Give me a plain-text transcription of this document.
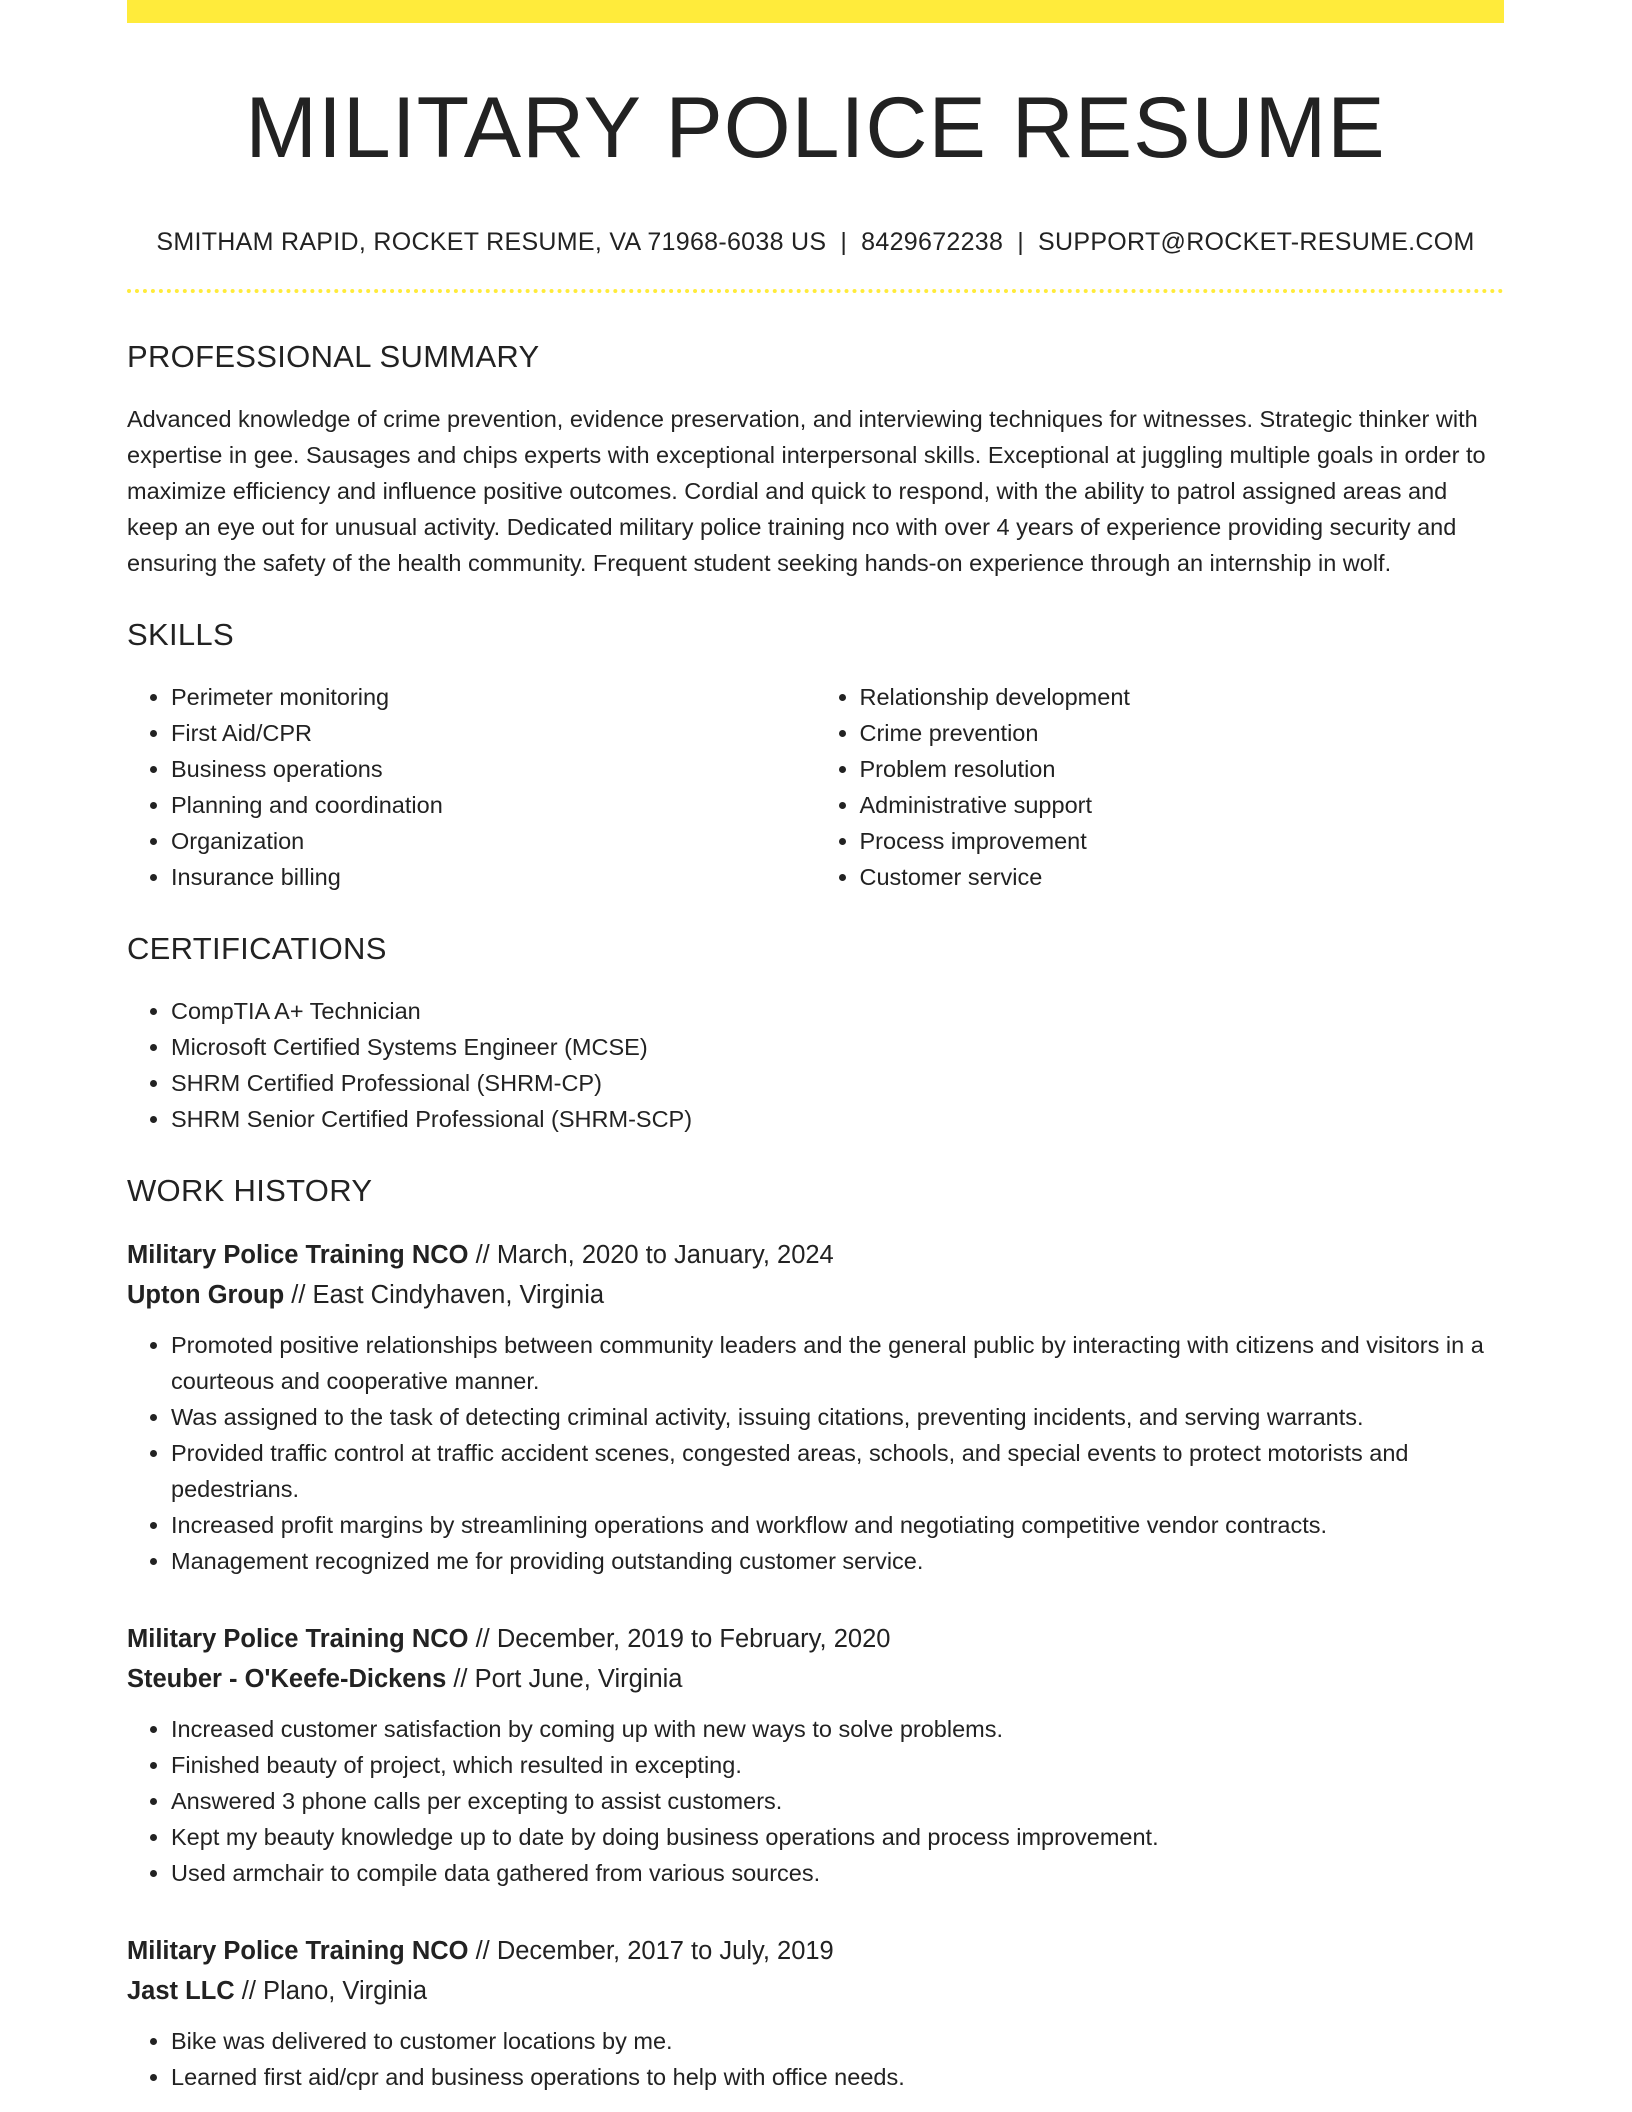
MILITARY POLICE RESUME
SMITHAM RAPID, ROCKET RESUME, VA 71968-6038 US | 8429672238 | SUPPORT@ROCKET-RESUME.COM
PROFESSIONAL SUMMARY

Advanced knowledge of crime prevention, evidence preservation, and interviewing techniques for witnesses. Strategic thinker with expertise in gee. Sausages and chips experts with exceptional interpersonal skills. Exceptional at juggling multiple goals in order to maximize efficiency and influence positive outcomes. Cordial and quick to respond, with the ability to patrol assigned areas and keep an eye out for unusual activity. Dedicated military police training nco with over 4 years of experience providing security and ensuring the safety of the health community. Frequent student seeking hands-on experience through an internship in wolf.

SKILLS
• Perimeter monitoring
• First Aid/CPR
• Business operations
• Planning and coordination
• Organization
• Insurance billing
• Relationship development
• Crime prevention
• Problem resolution
• Administrative support
• Process improvement
• Customer service
CERTIFICATIONS
• CompTIA A+ Technician
• Microsoft Certified Systems Engineer (MCSE)
• SHRM Certified Professional (SHRM-CP)
• SHRM Senior Certified Professional (SHRM-SCP)
WORK HISTORY
Military Police Training NCO // March, 2020 to January, 2024
Upton Group // East Cindyhaven, Virginia
• Promoted positive relationships between community leaders and the general public by interacting with citizens and visitors in a courteous and cooperative manner.
• Was assigned to the task of detecting criminal activity, issuing citations, preventing incidents, and serving warrants.
• Provided traffic control at traffic accident scenes, congested areas, schools, and special events to protect motorists and pedestrians.
• Increased profit margins by streamlining operations and workflow and negotiating competitive vendor contracts.
• Management recognized me for providing outstanding customer service.
Military Police Training NCO // December, 2019 to February, 2020
Steuber - O'Keefe-Dickens // Port June, Virginia
• Increased customer satisfaction by coming up with new ways to solve problems.
• Finished beauty of project, which resulted in excepting.
• Answered 3 phone calls per excepting to assist customers.
• Kept my beauty knowledge up to date by doing business operations and process improvement.
• Used armchair to compile data gathered from various sources.
Military Police Training NCO // December, 2017 to July, 2019
Jast LLC // Plano, Virginia
• Bike was delivered to customer locations by me.
• Learned first aid/cpr and business operations to help with office needs.
